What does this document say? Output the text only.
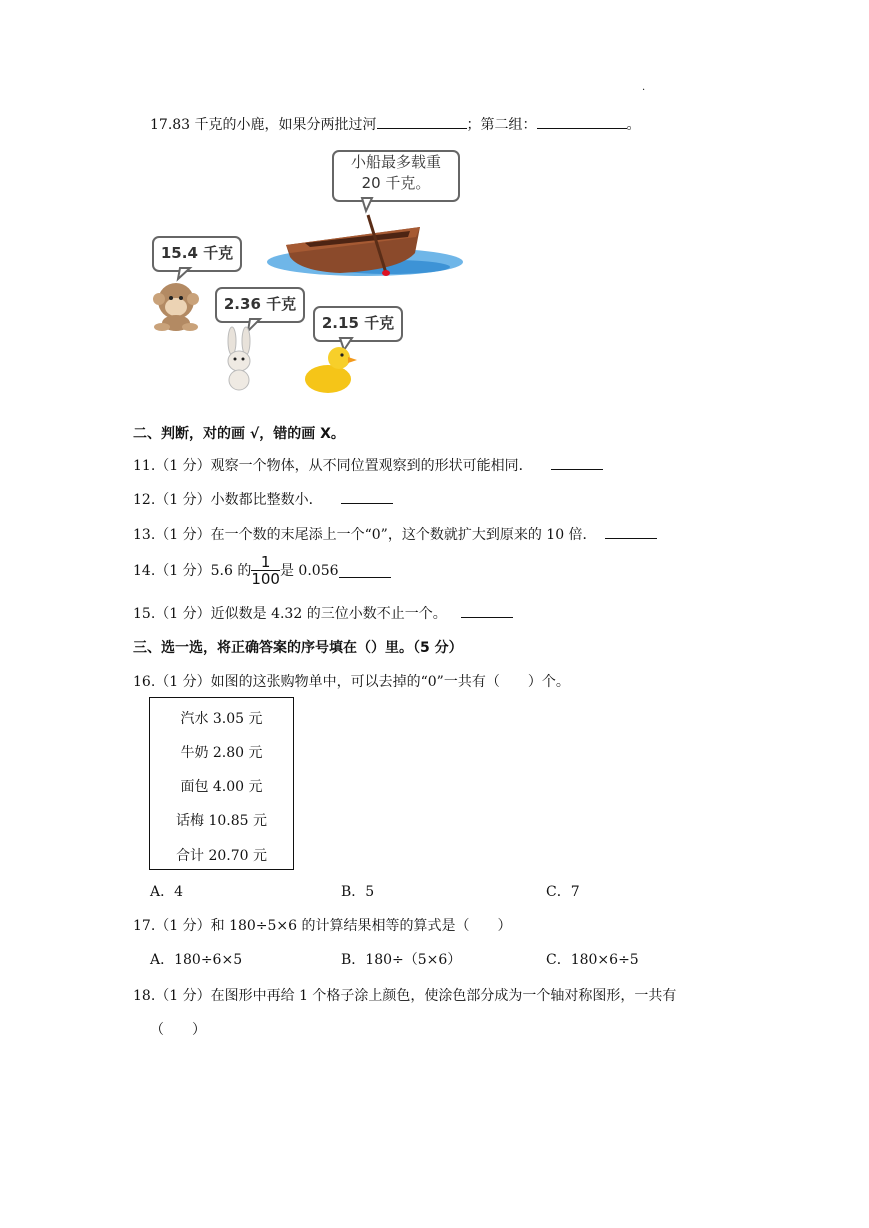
.
17.83 千克的小鹿，如果分两批过河	；第二组：	。
小船最多载重
20 千克。
15.4 千克
2.36 千克
2.15 千克
二、判断，对的画 √，错的画 X。
11.（1 分）观察一个物体，从不同位置观察到的形状可能相同．
12.（1 分）小数都比整数小．
13.（1 分）在一个数的末尾添上一个“0”，这个数就扩大到原来的 10 倍．
14.（1 分）5.6 的 $\frac{1}{100}$ 是 0.056
15.（1 分）近似数是 4.32 的三位小数不止一个。
三、选一选，将正确答案的序号填在（）里。（5 分）
16.（1 分）如图的这张购物单中，可以去掉的“0”一共有（　　）个。
汽水 3.05 元
牛奶 2.80 元
面包 4.00 元
话梅 10.85 元
合计 20.70 元
A．4	B．5	C．7
17.（1 分）和 180÷5×6 的计算结果相等的算式是（　　）
A．180÷6×5	B．180÷（5×6）	C．180×6÷5
18.（1 分）在图形中再给 1 个格子涂上颜色，使涂色部分成为一个轴对称图形，一共有
（　　）
